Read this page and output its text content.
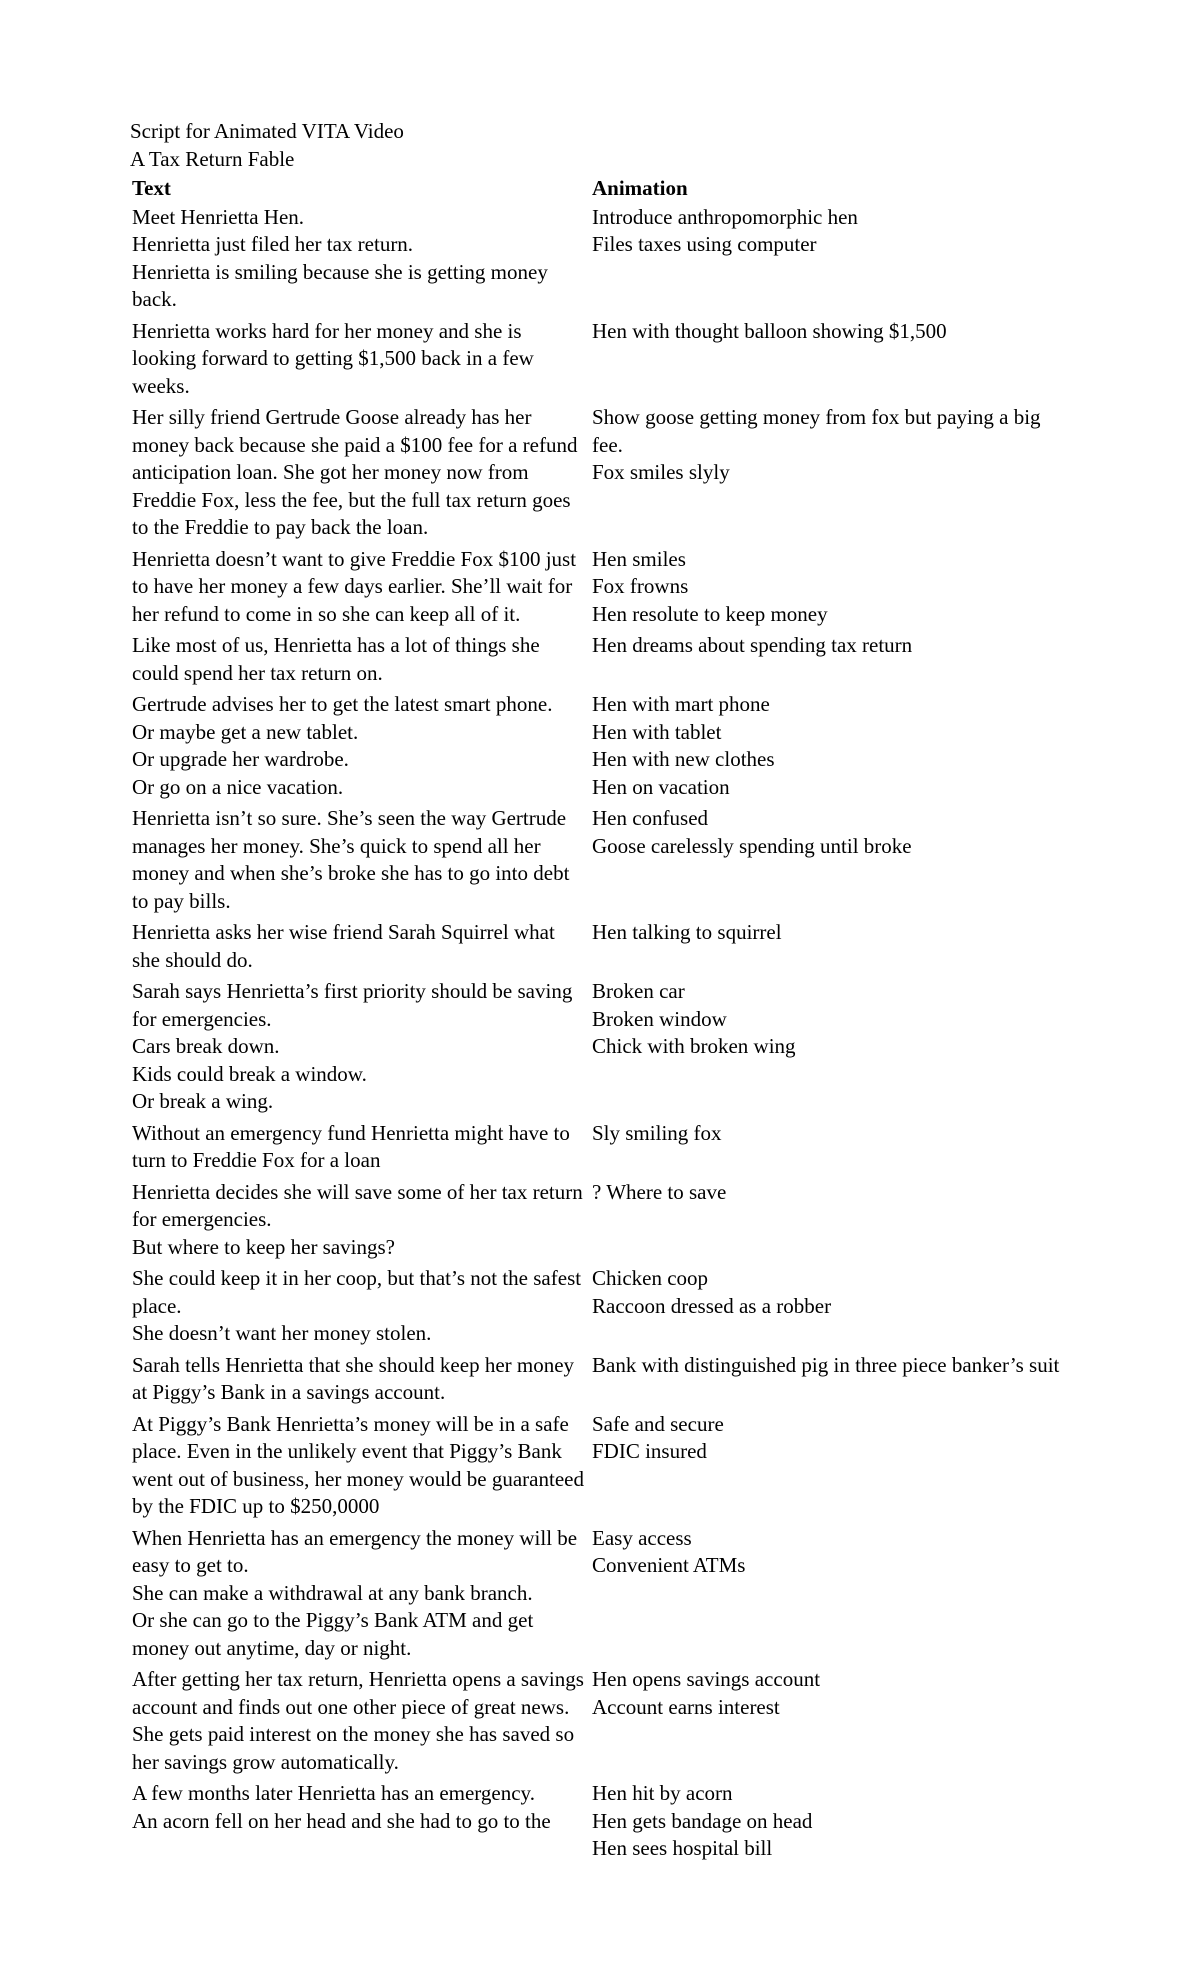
Script for Animated VITA Video

A Tax Return Fable

Text	Animation

Meet Henrietta Hen.
Henrietta just filed her tax return.
Henrietta is smiling because she is getting money back.	Introduce anthropomorphic hen
Files taxes using computer

Henrietta works hard for her money and she is looking forward to getting $1,500 back in a few weeks.	Hen with thought balloon showing $1,500

Her silly friend Gertrude Goose already has her money back because she paid a $100 fee for a refund anticipation loan. She got her money now from Freddie Fox, less the fee, but the full tax return goes to the Freddie to pay back the loan.	Show goose getting money from fox but paying a big fee.
Fox smiles slyly

Henrietta doesn’t want to give Freddie Fox $100 just to have her money a few days earlier. She’ll wait for her refund to come in so she can keep all of it.	Hen smiles
Fox frowns
Hen resolute to keep money

Like most of us, Henrietta has a lot of things she could spend her tax return on.	Hen dreams about spending tax return

Gertrude advises her to get the latest smart phone.
Or maybe get a new tablet.
Or upgrade her wardrobe.
Or go on a nice vacation.	Hen with mart phone
Hen with tablet
Hen with new clothes
Hen on vacation

Henrietta isn’t so sure. She’s seen the way Gertrude manages her money. She’s quick to spend all her money and when she’s broke she has to go into debt to pay bills.	Hen confused
Goose carelessly spending until broke

Henrietta asks her wise friend Sarah Squirrel what she should do.	Hen talking to squirrel

Sarah says Henrietta’s first priority should be saving for emergencies.
Cars break down.
Kids could break a window.
Or break a wing.	Broken car
Broken window
Chick with broken wing

Without an emergency fund Henrietta might have to turn to Freddie Fox for a loan	Sly smiling fox

Henrietta decides she will save some of her tax return for emergencies.
But where to keep her savings?	? Where to save

She could keep it in her coop, but that’s not the safest place.
She doesn’t want her money stolen.	Chicken coop
Raccoon dressed as a robber

Sarah tells Henrietta that she should keep her money at Piggy’s Bank in a savings account.	Bank with distinguished pig in three piece banker’s suit

At Piggy’s Bank Henrietta’s money will be in a safe place. Even in the unlikely event that Piggy’s Bank went out of business, her money would be guaranteed by the FDIC up to $250,0000	Safe and secure
FDIC insured

When Henrietta has an emergency the money will be easy to get to.
She can make a withdrawal at any bank branch.
Or she can go to the Piggy’s Bank ATM and get money out anytime, day or night.	Easy access
Convenient ATMs

After getting her tax return, Henrietta opens a savings account and finds out one other piece of great news.
She gets paid interest on the money she has saved so her savings grow automatically.	Hen opens savings account
Account earns interest

A few months later Henrietta has an emergency.
An acorn fell on her head and she had to go to the	Hen hit by acorn
Hen gets bandage on head
Hen sees hospital bill
